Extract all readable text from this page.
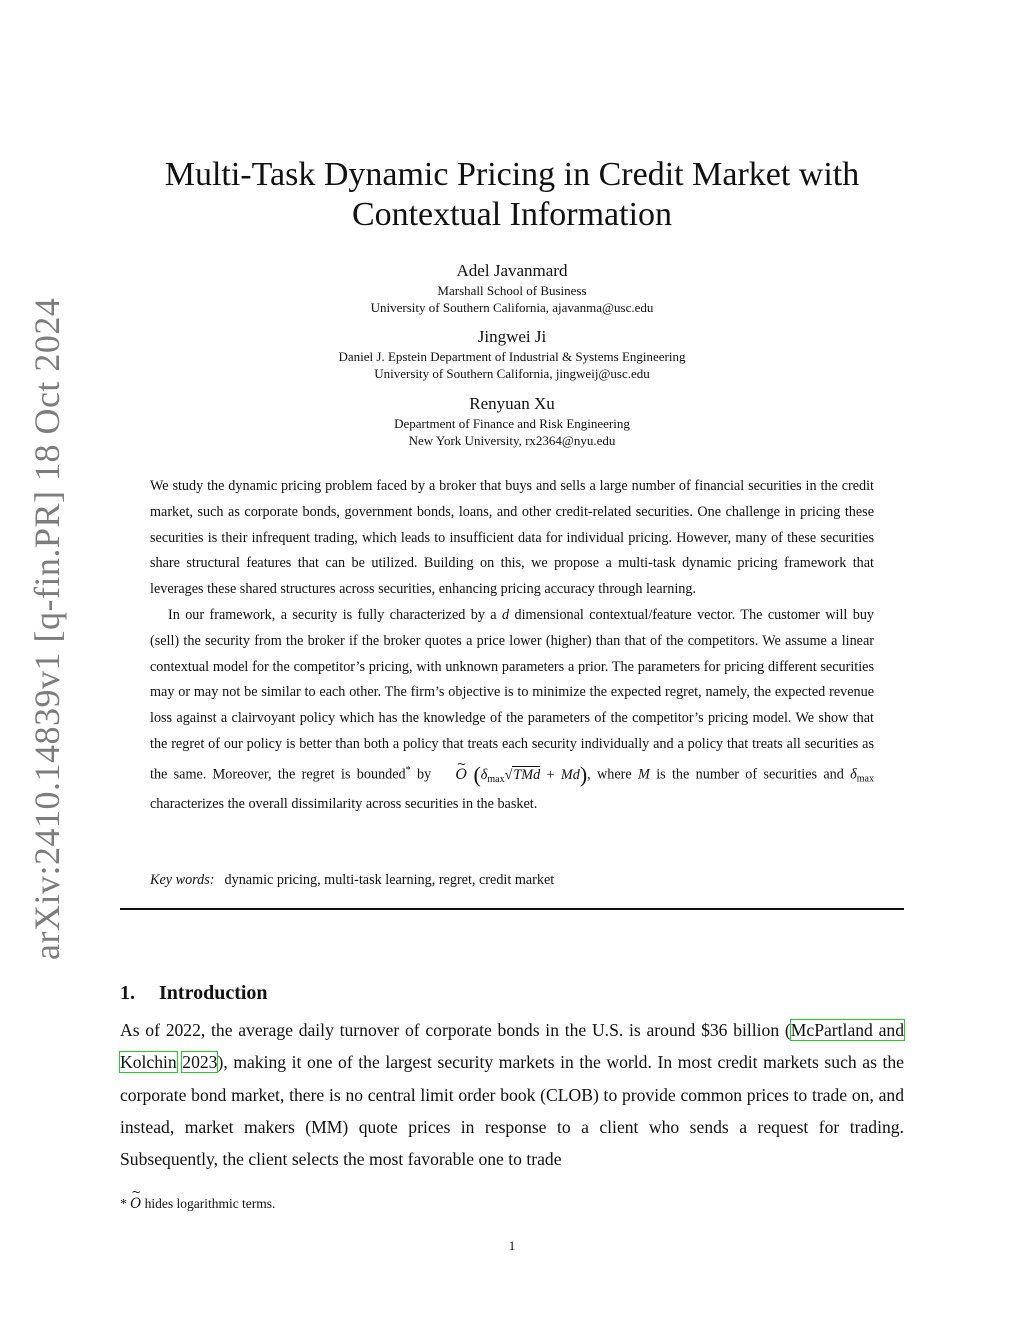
arXiv:2410.14839v1 [q-fin.PR] 18 Oct 2024
Multi-Task Dynamic Pricing in Credit Market with
Contextual Information
Adel Javanmard
Marshall School of Business
University of Southern California, ajavanma@usc.edu
Jingwei Ji
Daniel J. Epstein Department of Industrial & Systems Engineering
University of Southern California, jingweij@usc.edu
Renyuan Xu
Department of Finance and Risk Engineering
New York University, rx2364@nyu.edu

We study the dynamic pricing problem faced by a broker that buys and sells a large number of financial securities in the credit market, such as corporate bonds, government bonds, loans, and other credit-related securities. One challenge in pricing these securities is their infrequent trading, which leads to insufficient data for individual pricing. However, many of these securities share structural features that can be utilized. Building on this, we propose a multi-task dynamic pricing framework that leverages these shared structures across securities, enhancing pricing accuracy through learning.

In our framework, a security is fully characterized by a d dimensional contextual/feature vector. The customer will buy (sell) the security from the broker if the broker quotes a price lower (higher) than that of the competitors. We assume a linear contextual model for the competitor’s pricing, with unknown parameters a prior. The parameters for pricing different securities may or may not be similar to each other. The firm’s objective is to minimize the expected regret, namely, the expected revenue loss against a clairvoyant policy which has the knowledge of the parameters of the competitor’s pricing model. We show that the regret of our policy is better than both a policy that treats each security individually and a policy that treats all securities as the same. Moreover, the regret is bounded* by ~ O $(\delta_{max}√TMd + Md)$, where M is the number of securities and $\delta_{max}$ characterizes the overall dissimilarity across securities in the basket.

Key words: dynamic pricing, multi-task learning, regret, credit market
1. Introduction

As of 2022, the average daily turnover of corporate bonds in the U.S. is around $36 billion (McPartland and Kolchin 2023), making it one of the largest security markets in the world. In most credit markets such as the corporate bond market, there is no central limit order book (CLOB) to provide common prices to trade on, and instead, market makers (MM) quote prices in response to a client who sends a request for trading. Subsequently, the client selects the most favorable one to trade

* ~ O hides logarithmic terms.
1
